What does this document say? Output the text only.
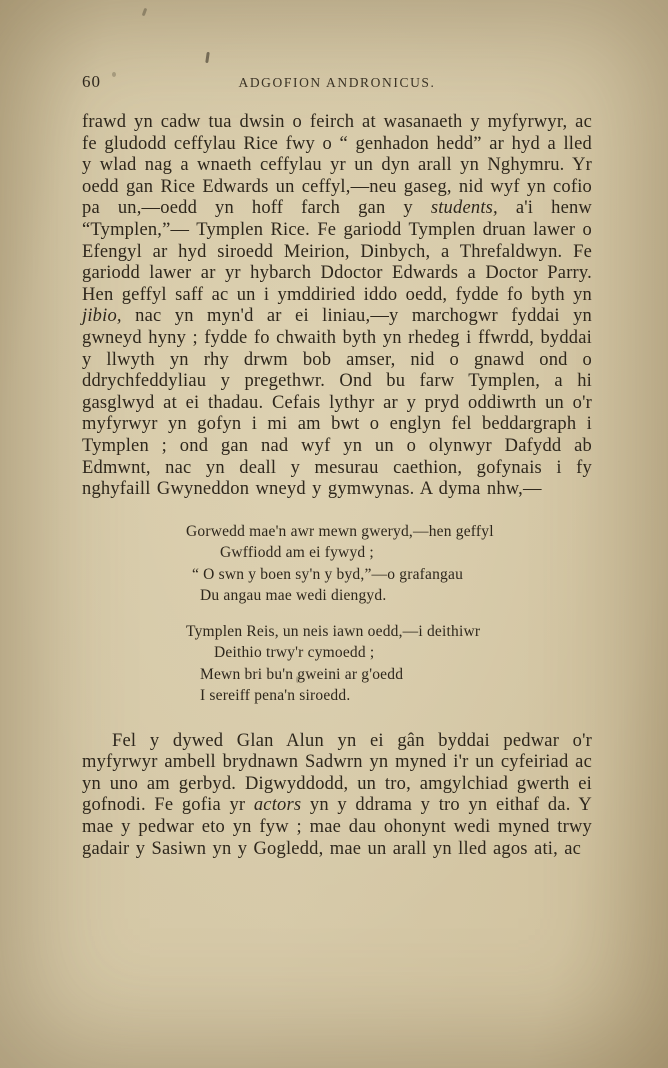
60	ADGOFION ANDRONICUS.

frawd yn cadw tua dwsin o feirch at wasanaeth y myfyrwyr, ac fe gludodd ceffylau Rice fwy o “ genhadon hedd” ar hyd a lled y wlad nag a wnaeth ceffylau yr un dyn arall yn Nghymru. Yr oedd gan Rice Edwards un ceffyl,—neu gaseg, nid wyf yn cofio pa un,—oedd yn hoff farch gan y students, a'i henw “Tymplen,”— Tymplen Rice. Fe gariodd Tymplen druan lawer o Efengyl ar hyd siroedd Meirion, Dinbych, a Threfaldwyn. Fe gariodd lawer ar yr hybarch Ddoctor Edwards a Doctor Parry. Hen geffyl saff ac un i ymddiried iddo oedd, fydde fo byth yn jibio, nac yn myn'd ar ei liniau,—y marchogwr fyddai yn gwneyd hyny ; fydde fo chwaith byth yn rhedeg i ffwrdd, byddai y llwyth yn rhy drwm bob amser, nid o gnawd ond o ddrychfeddyliau y pregethwr. Ond bu farw Tymplen, a hi gasglwyd at ei thadau. Cefais lythyr ar y pryd oddiwrth un o'r myfyrwyr yn gofyn i mi am bwt o englyn fel beddargraph i Tymplen ; ond gan nad wyf yn un o olynwyr Dafydd ab Edmwnt, nac yn deall y mesurau caethion, gofynais i fy nghyfaill Gwyneddon wneyd y gymwynas. A dyma nhw,—

Gorwedd mae'n awr mewn gweryd,—hen geffyl
Gwffiodd am ei fywyd ;
“ O swn y boen sy'n y byd,”—o grafangau
Du angau mae wedi diengyd.
Tymplen Reis, un neis iawn oedd,—i deithiwr
Deithio trwy'r cymoedd ;
Mewn bri bu'n gweini ar g'oedd
I sereiff pena'n siroedd.

Fel y dywed Glan Alun yn ei gân byddai pedwar o'r myfyrwyr ambell brydnawn Sadwrn yn myned i'r un cyfeiriad ac yn uno am gerbyd. Digwyddodd, un tro, amgylchiad gwerth ei gofnodi. Fe gofia yr actors yn y ddrama y tro yn eithaf da. Y mae y pedwar eto yn fyw ; mae dau ohonynt wedi myned trwy gadair y Sasiwn yn y Gogledd, mae un arall yn lled agos ati, ac
